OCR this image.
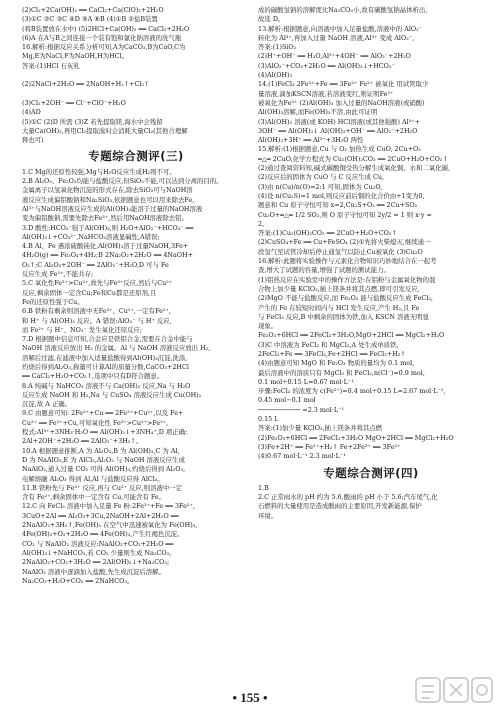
(2)Cl₂+2Ca(OH)₂ ══ CaCl₂+Ca(ClO)₂+2H₂O

(3)①C ②C ③C ④D ⑤A ⑥B (4)①B ②盐B装置

(将B装置放在水中) (5)2HCl+Ca(OH)₂ ══ CaCl₂+2H₂O

(6)A 在A与B之间连接一个装有饱和氯化钠溶液的洗气瓶

16.解析:根据反应关系分析可知,A为CaCO₃,B为CaO,C为

Mg,E为NaCl,F为NaOH,H为HCl。

答案:(1)HCl 石灰乳

(2)2NaCl+2H₂O ══ 2NaOH+H₂↑+Cl₂↑

(3)Cl₂+2OH⁻ ══ Cl⁻+ClO⁻+H₂O

(4)AD

(5)①C (2)D 所需 (3)Z 若先提取镁,海水中会残留

大量Ca(OH)₂,再用Cl₂提取溴时会消耗大量Cl₂(其他合理解

释也可)

专题综合测评(三)

1.C Mg的还原性较强,Mg与H₂O反应生成H₂则不可。

2.B Al₂O₃、Fe₂O₃均能与盐酸反应,但SiO₂不能,可以达到分离的目的。

金属离子以氢氧化物沉淀的形式存在,除去SiO₂可与NaOH溶

液反应生成偏铝酸钠和Na₂SiO₃,依据题意也可以用来除去Fe,

Al³⁺与NaOH溶液反应生成的Al(OH)₃能溶于过量的NaOH溶液

变为偏铝酸钠,需要先除去Fe³⁺,然后用NaOH溶液除去铝。

3.D 酸性:HCO₃⁻强于Al(OH)₃,则 H₂O+AlO₂⁻+HCO₃⁻ ══

Al(OH)₃↓+CO₃²⁻,NaHCO₃溶液显碱性,A错误;

4.B Al、Fe 遇浓硫酸钝化,Al(OH)₃溶于过量NaOH,3Fe+

4H₂O(g) ══ Fe₃O₄+4H₂;B 2Na₂O₂+2H₂O ══ 4NaOH+

O₂↑;C Al₂O₃+2OH⁻ ══ 2AlO₂⁻+H₂O,D 可与 Fe

反应生成 Fe²⁺,不能共存;

5.C 氧化性Fe³⁺>Cu²⁺,故先与Fe³⁺反应,然后与Cu²⁺

反应,剩余固体一定含Cu;Fe和Cu都是还原剂,且

Fe的还原性强于Cu。

6.B 铁粉有剩余则溶液中无Fe³⁺、Cu²⁺,一定有Fe²⁺,

和 H⁺ 与 Al(OH)₃ 反应。A 错误:AlO₂⁻ 与 H⁺ 反应,

而 Fe²⁺ 与 H⁺、NO₃⁻ 发生氧化还原反应;

7.D 根据题中信息可知,合金应是铁铝合金,需要在合金中能与

NaOH 溶液反应放出 H₂ 的金属。Al 与 NaOH 溶液反应放出 H₂,

溶解后过滤,在滤液中加入适量盐酸得到Al(OH)₃沉淀,洗涤,

灼烧后得到Al₂O₃,称量可计算Al的质量分数,CaCO₃+2HCl

══ CaCl₂+H₂O+CO₂↑,选项中只有D符合题意。

8.A 纯碱与 NaHCO₃ 溶液不与 Ca(OH)₂ 反应,Na 与 H₂O

反应生成 NaOH 和 H₂,Na 与 CuSO₄ 溶液反应生成 Cu(OH)₂

沉淀,故 A 正确。

9.C 由题意可知: 2Fe³⁺+Cu ══ 2Fe²⁺+Cu²⁺,以及 Fe+

Cu²⁺ ══ Fe²⁺+Cu,可知氧化性 Fe³⁺>Cu²⁺>Fe²⁺,

程式:Al³⁺+3NH₃·H₂O ══ Al(OH)₃↓+3NH₄⁺,D 项正确:

2Al+2OH⁻+2H₂O ══ 2AlO₂⁻+3H₂↑。

10.A 根据题意推断,A 为 Al₂O₃,B 为 Al(OH)₃,C 为 Al,

D 为 NaAlO₂,E 为 AlCl₃,Al₂O₃ 与 NaOH 溶液反应生成

NaAlO₂,通入过量 CO₂ 可得 Al(OH)₃,灼烧后得到 Al₂O₃,

电解熔融 Al₂O₃ 得到 Al,Al 与盐酸反应得 AlCl₃。

11.B 铁粉先与 Fe³⁺ 反应,再与 Cu²⁺ 反应,则溶液中一定

含有 Fe²⁺,剩余固体中一定含有 Cu,可能含有 Fe。

12.C 向 FeCl₃ 溶液中加入足量 Fe 粉:2Fe³⁺+Fe ══ 3Fe²⁺,

3CuO+2Al ══ Al₂O₃+3Cu,2NaOH+2Al+2H₂O ══

2NaAlO₂+3H₂↑,Fe(OH)₂ 在空气中迅速被氧化为 Fe(OH)₃,

4Fe(OH)₂+O₂+2H₂O ══ 4Fe(OH)₃,产生红褐色沉淀。

CO₂ 与 NaAlO₂ 溶液反应:NaAlO₂+CO₂+2H₂O ══

Al(OH)₃↓+NaHCO₃,若 CO₂ 少量则生成 Na₂CO₃,

2NaAlO₂+CO₂+3H₂O ══ 2Al(OH)₃↓+Na₂CO₃;

NaAlO₂ 溶液中逐滴加入盐酸,先生成沉淀后溶解。

Na₂CO₃+H₂O+CO₂ ══ 2NaHCO₃。

成的碳酸氢钠的溶解度比Na₂CO₃小,故有碳酸氢钠晶体析出,

故选 D。

13.解析:根据题意,向溶液中加入足量盐酸,溶液中的 AlO₂⁻

转化为 Al³⁺,再加入过量 NaOH 溶液,Al³⁺ 变成 AlO₂⁻,

答案:(1)SiO₂

(2)H⁺+OH⁻ ══ H₂O,Al³⁺+4OH⁻ ══ AlO₂⁻+2H₂O

(3)AlO₂⁻+CO₂+2H₂O ══ Al(OH)₃↓+HCO₃⁻

(4)Al(OH)₃

14.(1)FeCl₃ 2Fe³⁺+Fe ══ 3Fe²⁺ Fe²⁺ 被氧化 用试管取少

量溶液,滴加KSCN溶液,若溶液变红,则证明Fe²⁺

被氧化为Fe³⁺ (2)Al(OH)₃ 加入过量的NaOH溶液(或硝酸)

Al(OH)₃溶解,而Fe(OH)₃不溶,由此可证明

(3)Al(OH)₃ 溶液(或 KOH) HCl溶液(或其他强酸) Al³⁺+

3OH⁻ ══ Al(OH)₃↓ Al(OH)₃+OH⁻ ══ AlO₂⁻+2H₂O

Al(OH)₃+3H⁺ ══ Al³⁺+3H₂O 两性

15.解析:(1)根据题意,Cu 与 O₂ 加热生成 CuO, 2Cu+O₂

═△═ 2CuO,化学方程式为 Cu₂(OH)₂CO₃ ══ 2CuO+H₂O+CO₂↑

(2)通过查阅资料知,碱式碳酸铜受热分解生成氧化铜、水和二氧化碳,

(2)反应后的固体为 CuO 与 C 反应生成 Cu,

(3)由 n(Cu)/n(O)=2:1 可知,固体为 Cu₂O,

(4)设 n(Cu₂S)=1 mol,则反应前后铜的化合价由+1变为0,

题意和 Cu 原子守恒可知 x=2,Cu₂S+O₂ ══ 2Cu+SO₂

Cu₂O+═△═ 1/2 SO₂,则 O 原子守恒可知 2y/2 = 1 则 x·y =

2。

答案:(1)Cu₂(OH)₂CO₃ ══ 2CuO+H₂O+CO₂↑

(2)CuSO₄+Fe ══ Cu+FeSO₄ (2)①先将火柴熄灭,继续通一

段氢气至试管冷却后停止通氢气以防止Cu被氧化 (3)Cu₂O

16.解析:此题将实验操作与元素化合物知识巧妙地结合在一起考

查,增大了试题的容量,增强了试题的测试能力。

(1)铝热反应在实验室中的操作方法是:在铝粉与金属氧化物的混

合物上加少量 KClO₃,插上镁条并将其点燃,即可引发反应,

(2)MgO 不能与盐酸反应,而 Fe₂O₃ 能与盐酸反应生成 FeCl₃,

产生的 Fe 在较短时间内与 HCl 发生反应,产生 H₂,且 Fe

与 FeCl₃ 反应,B 中剩余的固体为铁,加入 KSCN 溶液无明显

现象。

Fe₂O₃+6HCl ══ 2FeCl₃+3H₂O,MgO+2HCl ══ MgCl₂+H₂O

(3)C 中溶液为 FeCl₂ 和 MgCl₂,A 处生成单质铁,

2FeCl₃+Fe ══ 3FeCl₂,Fe+2HCl ══ FeCl₂+H₂↑

(4)由题意可知 MgO 和 Fe₂O₃ 物质的量均为 0.1 mol,

最后溶液中的溶质只有 MgCl₂ 和 FeCl₂,n(Cl⁻)=0.9 mol,

0.1 mol÷0.15 L=0.67 mol·L⁻¹

步骤:FeCl₂ 的浓度为 c(Fe²⁺)=0.4 mol÷0.15 L=2.67 mol·L⁻¹,

0.45 mol−0.1 mol

─────────── =2.3 mol·L⁻¹

0.15 L

答案:(1)加少量 KClO₃,插上镁条并将其点燃

(2)Fe₂O₃+6HCl ══ 2FeCl₃+3H₂O MgO+2HCl ══ MgCl₂+H₂O

(3)Fe+2H⁺ ══ Fe²⁺+H₂↑ Fe+2Fe³⁺ ══ 3Fe²⁺

(4)0.67 mol·L⁻¹ 2.3 mol·L⁻¹

专题综合测评(四)

1.B

2.C 正常雨水的 pH 约为 5.6,酸雨的 pH 小于 5.6;汽车尾气,化

石燃料的大量使用是造成酸雨的主要原因,开发新能源,保护

环境。

• 155 •
